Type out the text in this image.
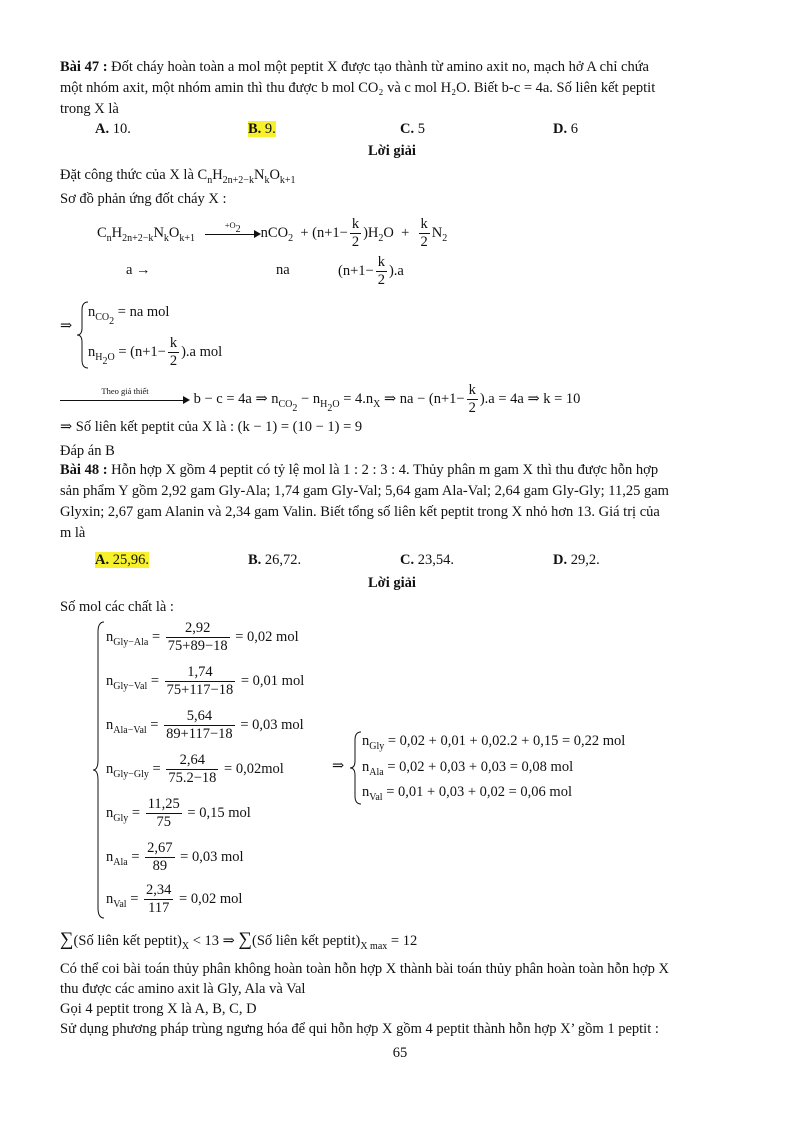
Bài 47 : Đốt cháy hoàn toàn a mol một peptit X được tạo thành từ amino axit no, mạch hở A chỉ chứa
một nhóm axit, một nhóm amin thì thu được b mol CO₂ và c mol H₂O. Biết b-c = 4a. Số liên kết peptit
trong X là
A. 10.	B. 9.	C. 5	D. 6
Lời giải
Đặt công thức của X là $C_nH_{2n+2-k}N_kO_{k+1}$
Sơ đồ phản ứng đốt cháy X :
$C_nH_{2n+2-k}N_kO_{k+1}$
$+O_2$	$nCO_2 + (n+1- \frac{k}{2} )H_2O + \frac{k}{2} N_2$
a →	na	$(n+1- \frac{k}{2} ).a$
⇒
$n_{CO_2}$ = na mol
$n_{H_2O} = (n+1- \frac{k}{2} ).a$ mol
Theo giả thiết
b − c = 4a ⇒ $n_{CO_2} - n_{H_2O} = 4.n_X$ ⇒ na − $(n+1- \frac{k}{2} ).a = 4a$ ⇒ k = 10
⇒ Số liên kết peptit của X là : (k − 1) = (10 − 1) = 9
Đáp án B
Bài 48 : Hỗn hợp X gồm 4 peptit có tỷ lệ mol là 1 : 2 : 3 : 4. Thủy phân m gam X thì thu được hỗn hợp
sản phẩm Y gồm 2,92 gam Gly-Ala; 1,74 gam Gly-Val; 5,64 gam Ala-Val; 2,64 gam Gly-Gly; 11,25 gam
Glyxin; 2,67 gam Alanin và 2,34 gam Valin. Biết tổng số liên kết peptit trong X nhỏ hơn 13. Giá trị của
m là
A. 25,96.	B. 26,72.	C. 23,54.	D. 29,2.
Lời giải
Số mol các chất là :
$n_{Gly-Ala} = \frac{2,92}{75+89-18} = 0,02$ mol
$n_{Gly-Val} = \frac{1,74}{75+117-18} = 0,01$ mol
$n_{Ala-Val} = \frac{5,64}{89+117-18} = 0,03$ mol
$n_{Gly-Gly} = \frac{2,64}{75.2-18} = 0,02mol$
$n_{Gly} = \frac{11,25}{75} = 0,15$ mol
$n_{Ala} = \frac{2,67}{89} = 0,03$ mol
$n_{Val} = \frac{2,34}{117} = 0,02$ mol
⇒
$n_{Gly} = 0,02 + 0,01 + 0,02.2 + 0,15 = 0,22$ mol
$n_{Ala} = 0,02 + 0,03 + 0,03 = 0,08$ mol
$n_{Val} = 0,01 + 0,03 + 0,02 = 0,06$ mol
∑(Số liên kết $peptit)_X < 13$ ⇒ ∑(Số liên kết $peptit)_{X max} = 12$
Có thể coi bài toán thủy phân không hoàn toàn hỗn hợp X thành bài toán thủy phân hoàn toàn hỗn hợp X
thu được các amino axit là Gly, Ala và Val
Gọi 4 peptit trong X là A, B, C, D
Sử dụng phương pháp trùng ngưng hóa để qui hỗn hợp X gồm 4 peptit thành hỗn hợp X’ gồm 1 peptit :
65
